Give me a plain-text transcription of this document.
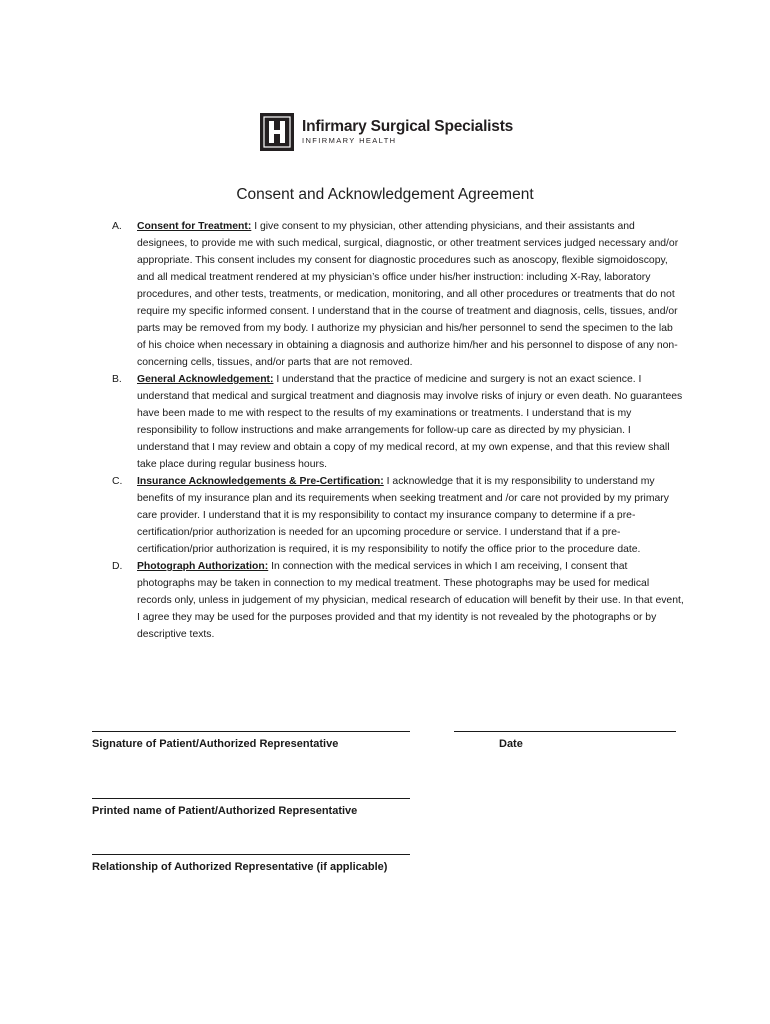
Infirmary Surgical Specialists
INFIRMARY HEALTH
Consent and Acknowledgement Agreement
A.	Consent for Treatment: I give consent to my physician, other attending physicians, and their assistants and designees, to provide me with such medical, surgical, diagnostic, or other treatment services judged necessary and/or appropriate. This consent includes my consent for diagnostic procedures such as anoscopy, flexible sigmoidoscopy, and all medical treatment rendered at my physician’s office under his/her instruction: including X-Ray, laboratory procedures, and other tests, treatments, or medication, monitoring, and all other procedures or treatments that do not require my specific informed consent. I understand that in the course of treatment and diagnosis, cells, tissues, and/or parts may be removed from my body. I authorize my physician and his/her personnel to send the specimen to the lab of his choice when necessary in obtaining a diagnosis and authorize him/her and his personnel to dispose of any non-concerning cells, tissues, and/or parts that are not removed.
B.	General Acknowledgement: I understand that the practice of medicine and surgery is not an exact science. I understand that medical and surgical treatment and diagnosis may involve risks of injury or even death. No guarantees have been made to me with respect to the results of my examinations or treatments. I understand that is my responsibility to follow instructions and make arrangements for follow-up care as directed by my physician. I understand that I may review and obtain a copy of my medical record, at my own expense, and that this review shall take place during regular business hours.
C.	Insurance Acknowledgements & Pre-Certification: I acknowledge that it is my responsibility to understand my benefits of my insurance plan and its requirements when seeking treatment and /or care not provided by my primary care provider. I understand that it is my responsibility to contact my insurance company to determine if a pre-certification/prior authorization is needed for an upcoming procedure or service. I understand that if a pre-certification/prior authorization is required, it is my responsibility to notify the office prior to the procedure date.
D.	Photograph Authorization: In connection with the medical services in which I am receiving, I consent that photographs may be taken in connection to my medical treatment. These photographs may be used for medical records only, unless in judgement of my physician, medical research of education will benefit by their use. In that event, I agree they may be used for the purposes provided and that my identity is not revealed by the photographs or by descriptive texts.
Signature of Patient/Authorized Representative	Date
Printed name of Patient/Authorized Representative
Relationship of Authorized Representative (if applicable)
